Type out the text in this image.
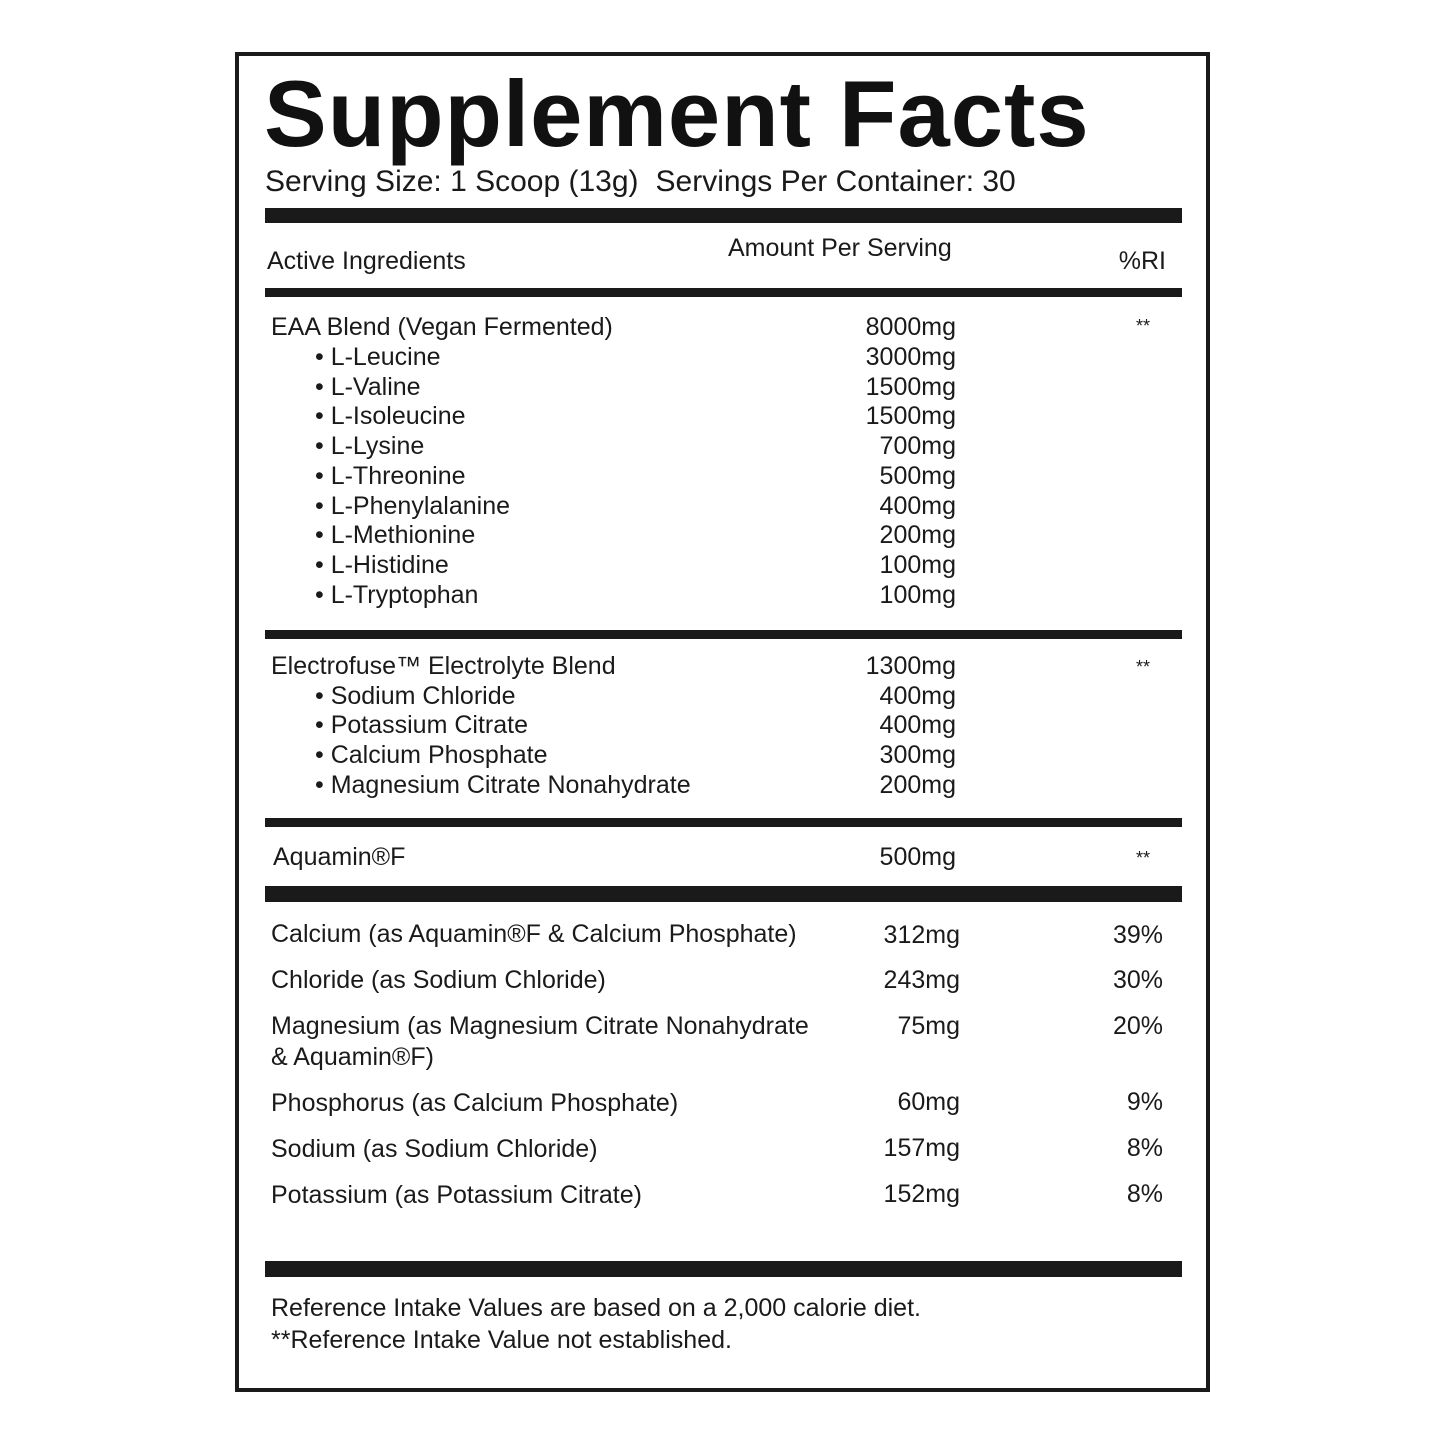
Supplement Facts
Serving Size: 1 Scoop (13g) Servings Per Container: 30
Active Ingredients	Amount Per Serving	%RI
EAA Blend (Vegan Fermented)	8000mg	**
• L-Leucine	3000mg
• L-Valine	1500mg
• L-Isoleucine	1500mg
• L-Lysine	700mg
• L-Threonine	500mg
• L-Phenylalanine	400mg
• L-Methionine	200mg
• L-Histidine	100mg
• L-Tryptophan	100mg
Electrofuse™ Electrolyte Blend	1300mg	**
• Sodium Chloride	400mg
• Potassium Citrate	400mg
• Calcium Phosphate	300mg
• Magnesium Citrate Nonahydrate	200mg
Aquamin®F	500mg	**
Calcium (as Aquamin®F & Calcium Phosphate)	312mg	39%
Chloride (as Sodium Chloride)	243mg	30%
Magnesium (as Magnesium Citrate Nonahydrate
& Aquamin®F)
75mg	20%
Phosphorus (as Calcium Phosphate)	60mg	9%
Sodium (as Sodium Chloride)	157mg	8%
Potassium (as Potassium Citrate)	152mg	8%
Reference Intake Values are based on a 2,000 calorie diet.
**Reference Intake Value not established.
